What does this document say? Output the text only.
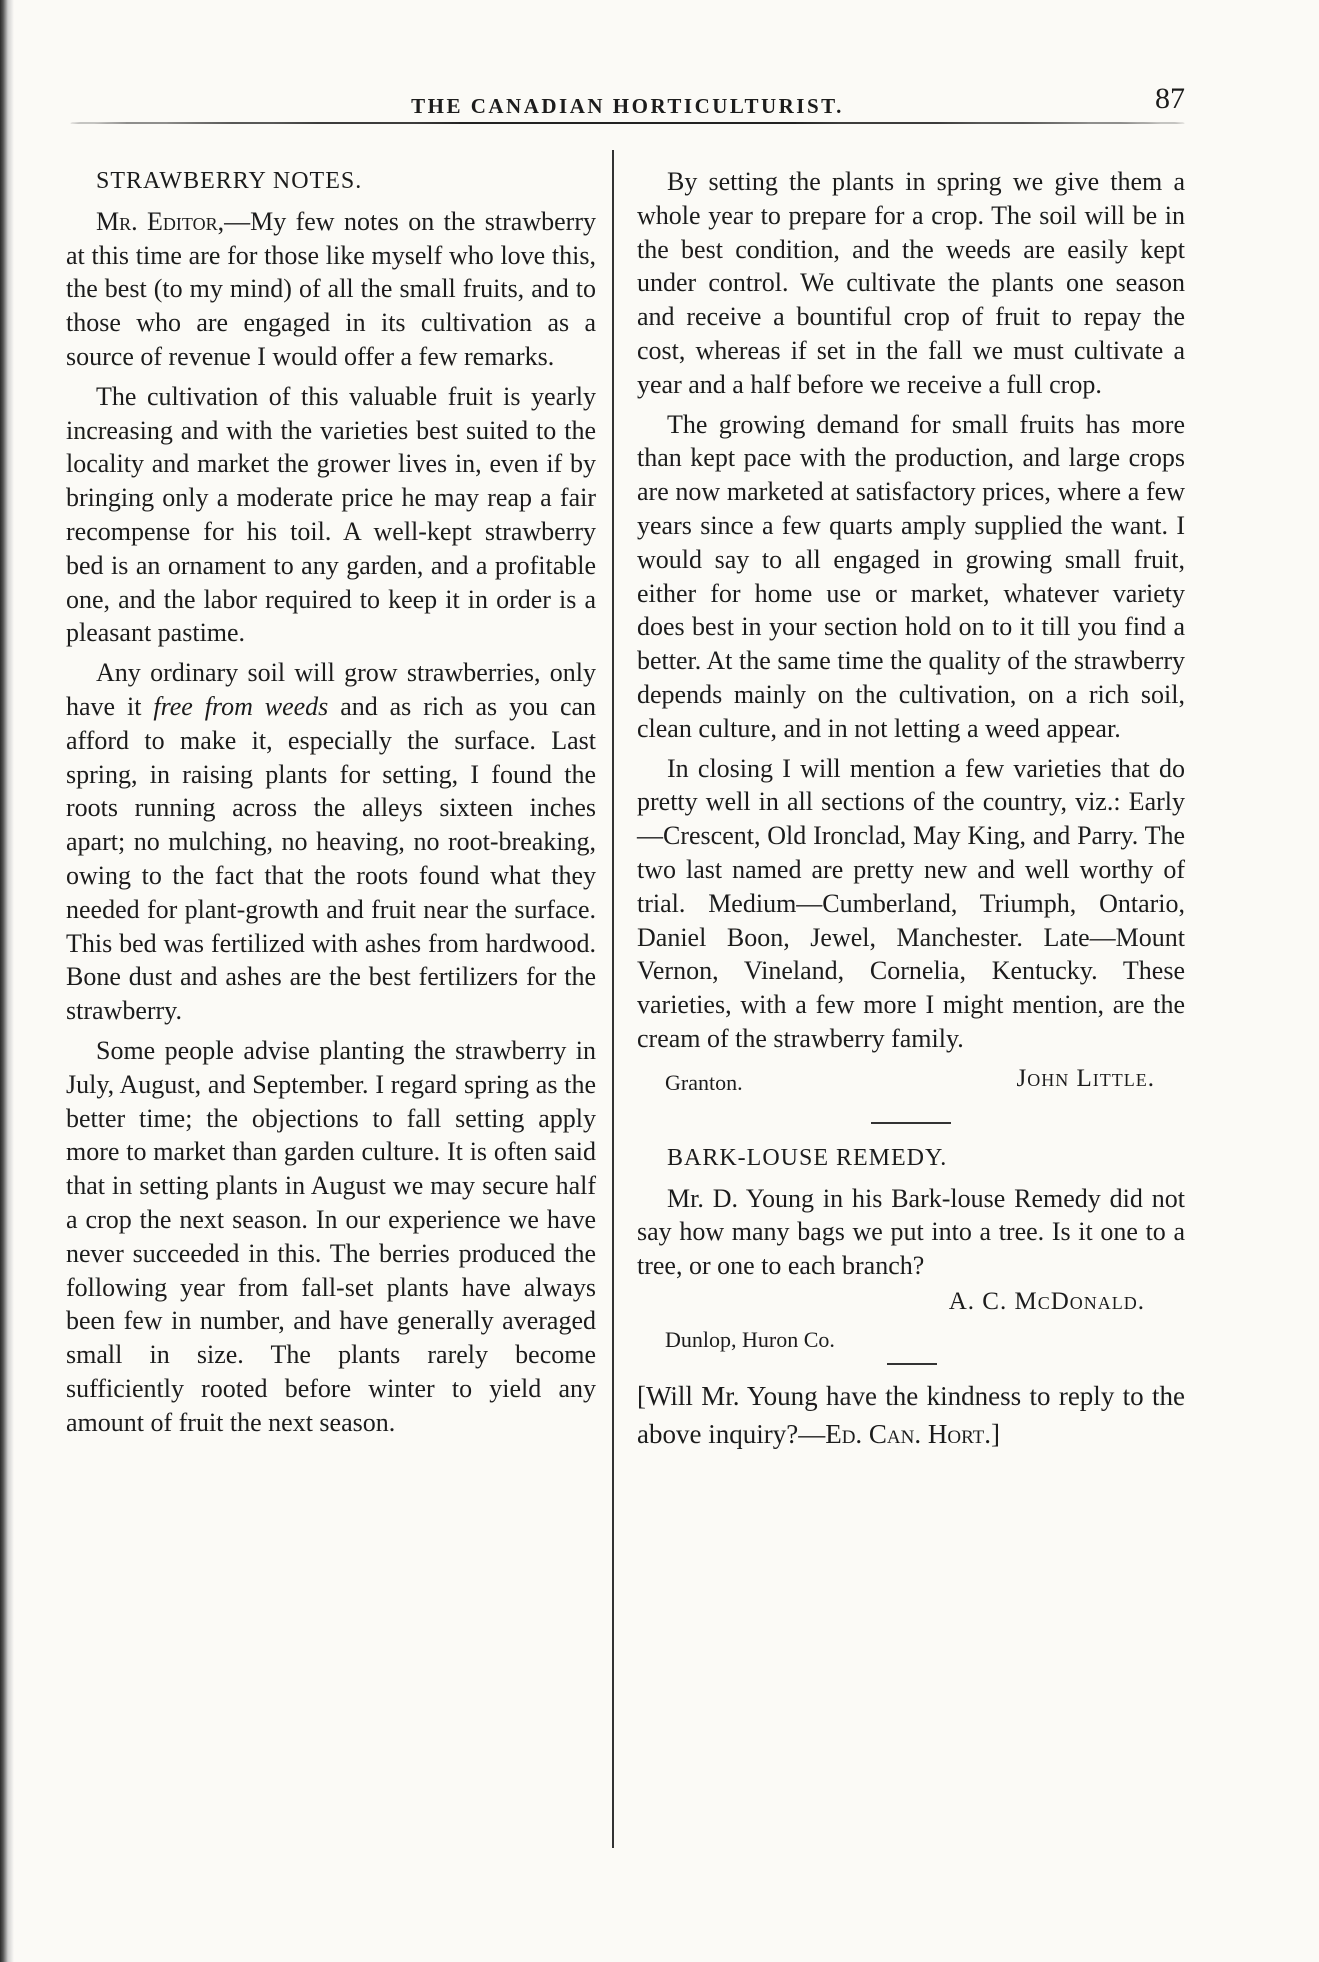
THE CANADIAN HORTICULTURIST.	87

STRAWBERRY NOTES.

Mr. Editor,—My few notes on the strawberry at this time are for those like myself who love this, the best (to my mind) of all the small fruits, and to those who are engaged in its cultivation as a source of revenue I would offer a few remarks.

The cultivation of this valuable fruit is yearly increasing and with the varieties best suited to the locality and market the grower lives in, even if by bringing only a moderate price he may reap a fair recompense for his toil. A well-kept strawberry bed is an ornament to any garden, and a profitable one, and the labor required to keep it in order is a pleasant pastime.

Any ordinary soil will grow strawberries, only have it free from weeds and as rich as you can afford to make it, especially the surface. Last spring, in raising plants for setting, I found the roots running across the alleys sixteen inches apart; no mulching, no heaving, no root-breaking, owing to the fact that the roots found what they needed for plant-growth and fruit near the surface. This bed was fertilized with ashes from hardwood. Bone dust and ashes are the best fertilizers for the strawberry.

Some people advise planting the strawberry in July, August, and September. I regard spring as the better time; the objections to fall setting apply more to market than garden culture. It is often said that in setting plants in August we may secure half a crop the next season. In our experience we have never succeeded in this. The berries produced the following year from fall-set plants have always been few in number, and have generally averaged small in size. The plants rarely become sufficiently rooted before winter to yield any amount of fruit the next season.

By setting the plants in spring we give them a whole year to prepare for a crop. The soil will be in the best condition, and the weeds are easily kept under control. We cultivate the plants one season and receive a bountiful crop of fruit to repay the cost, whereas if set in the fall we must cultivate a year and a half before we receive a full crop.

The growing demand for small fruits has more than kept pace with the production, and large crops are now marketed at satisfactory prices, where a few years since a few quarts amply supplied the want. I would say to all engaged in growing small fruit, either for home use or market, whatever variety does best in your section hold on to it till you find a better. At the same time the quality of the strawberry depends mainly on the cultivation, on a rich soil, clean culture, and in not letting a weed appear.

In closing I will mention a few varieties that do pretty well in all sections of the country, viz.: Early—Crescent, Old Ironclad, May King, and Parry. The two last named are pretty new and well worthy of trial. Medium—Cumberland, Triumph, Ontario, Daniel Boon, Jewel, Manchester. Late—Mount Vernon, Vineland, Cornelia, Kentucky. These varieties, with a few more I might mention, are the cream of the strawberry family.

Granton.	John Little.

BARK-LOUSE REMEDY.

Mr. D. Young in his Bark-louse Remedy did not say how many bags we put into a tree. Is it one to a tree, or one to each branch?

A. C. McDonald.
Dunlop, Huron Co.

[Will Mr. Young have the kindness to reply to the above inquiry?—Ed. Can. Hort.]
